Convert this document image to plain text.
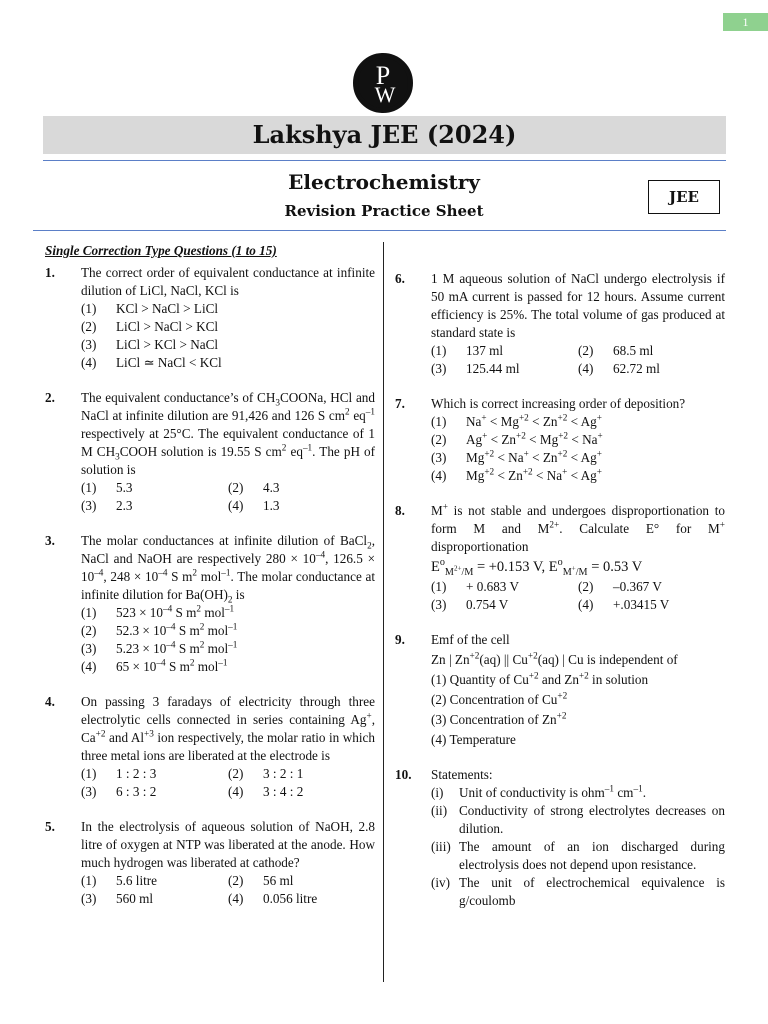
1
P
W
Lakshya JEE (2024)
Electrochemistry
Revision Practice Sheet
JEE
Single Correction Type Questions (1 to 15)
1. The correct order of equivalent conductance at infinite dilution of LiCl, NaCl, KCl is
(1)	KCl > NaCl > LiCl
(2)	LiCl > NaCl > KCl
(3)	LiCl > KCl > NaCl
(4)	LiCl ≃ NaCl < KCl
2. The equivalent conductance’s of $CH_3COONa$, HCl and NaCl at infinite dilution are 91,426 and 126 S $cm^2$ $eq^{-1}$ respectively at 25°C. The equivalent conductance of 1 M $CH_3COOH$ solution is 19.55 S $cm^2$ $eq^{-1}$. The pH of solution is
(1)	5.3	(2)	4.3
(3)	2.3	(4)	1.3
3. The molar conductances at infinite dilution of BaCl$_2$, NaCl and NaOH are respectively $280 \times 10^{-4}$, $126.5 \times 10^{-4}$, $248 \times 10^{-4}$ S $m^2$ mol$^{-1}$. The molar conductance at infinite dilution for $Ba(OH)_2$ is
(1)	$523 \times 10^{-4}$ S $m^2$ mol$^{-1}$
(2)	$52.3 \times 10^{-4}$ S $m^2$ mol$^{-1}$
(3)	$5.23 \times 10^{-4}$ S $m^2$ mol$^{-1}$
(4)	$65 \times 10^{-4}$ S $m^2$ mol$^{-1}$
4. On passing 3 faradays of electricity through three electrolytic cells connected in series containing Ag+, $Ca^{+2}$ and $Al^{+3}$ ion respectively, the molar ratio in which three metal ions are liberated at the electrode is
(1)	1 : 2 : 3	(2)	3 : 2 : 1
(3)	6 : 3 : 2	(4)	3 : 4 : 2
5. In the electrolysis of aqueous solution of NaOH, 2.8 litre of oxygen at NTP was liberated at the anode. How much hydrogen was liberated at cathode?
(1)	5.6 litre	(2)	56 ml
(3)	560 ml	(4)	0.056 litre
6. 1 M aqueous solution of NaCl undergo electrolysis if 50 mA current is passed for 12 hours. Assume current efficiency is 25%. The total volume of gas produced at standard state is
(1)	137 ml	(2)	68.5 ml
(3)	125.44 ml	(4)	62.72 ml
7. Which is correct increasing order of deposition?
(1)	$Na^+ < Mg^{+2} < Zn^{+2} < Ag^+$
(2)	$Ag^+ < Zn^{+2} < Mg^{+2} < Na^+$
(3)	$Mg^{+2} < Na^+ < Zn^{+2} < Ag^+$
(4)	$Mg^{+2} < Zn^{+2} < Na^+ < Ag^+$
8. M+ is not stable and undergoes disproportionation to form M and $M^{2+}$. Calculate E° for M+ disproportionation
$E^o_{M^{2+}/M} = +0.153$ V, $E^o_{M^+/M} = 0.53$ V
(1)	+ 0.683 V	(2)	–0.367 V
(3)	0.754 V	(4)	+.03415 V
9. Emf of the cell
Zn | $Zn^{+2}(aq)$ || $Cu^{+2}(aq)$ | Cu is independent of
(1) Quantity of $Cu^{+2}$ and $Zn^{+2}$ in solution
(2) Concentration of $Cu^{+2}$
(3) Concentration of $Zn^{+2}$
(4) Temperature
10. Statements:
(i)	Unit of conductivity is ohm$^{-1}$ $cm^{-1}$.
(ii) Conductivity of strong electrolytes decreases on dilution.
(iii) The amount of an ion discharged during electrolysis does not depend upon resistance.
(iv) The unit of electrochemical equivalence is g/coulomb
